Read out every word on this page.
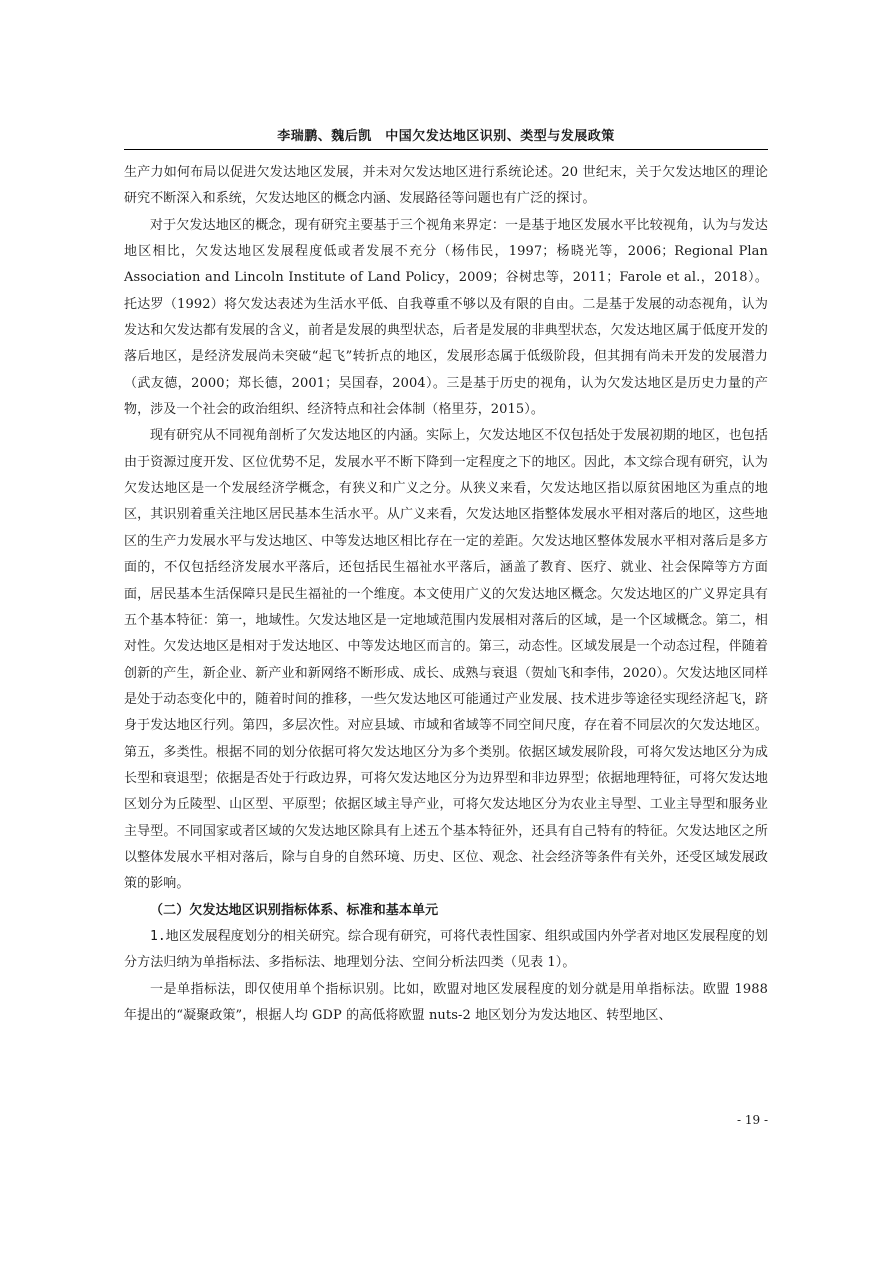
李瑞鹏、魏后凯　中国欠发达地区识别、类型与发展政策

生产力如何布局以促进欠发达地区发展，并未对欠发达地区进行系统论述。20 世纪末，关于欠发达地区的理论研究不断深入和系统，欠发达地区的概念内涵、发展路径等问题也有广泛的探讨。

对于欠发达地区的概念，现有研究主要基于三个视角来界定：一是基于地区发展水平比较视角，认为与发达地区相比，欠发达地区发展程度低或者发展不充分（杨伟民，1997；杨晓光等，2006；Regional Plan Association and Lincoln Institute of Land Policy，2009；谷树忠等，2011；Farole et al.，2018）。托达罗（1992）将欠发达表述为生活水平低、自我尊重不够以及有限的自由。二是基于发展的动态视角，认为发达和欠发达都有发展的含义，前者是发展的典型状态，后者是发展的非典型状态，欠发达地区属于低度开发的落后地区，是经济发展尚未突破“起飞”转折点的地区，发展形态属于低级阶段，但其拥有尚未开发的发展潜力（武友德，2000；郑长德，2001；吴国春，2004）。三是基于历史的视角，认为欠发达地区是历史力量的产物，涉及一个社会的政治组织、经济特点和社会体制（格里芬，2015）。

现有研究从不同视角剖析了欠发达地区的内涵。实际上，欠发达地区不仅包括处于发展初期的地区，也包括由于资源过度开发、区位优势不足，发展水平不断下降到一定程度之下的地区。因此，本文综合现有研究，认为欠发达地区是一个发展经济学概念，有狭义和广义之分。从狭义来看，欠发达地区指以原贫困地区为重点的地区，其识别着重关注地区居民基本生活水平。从广义来看，欠发达地区指整体发展水平相对落后的地区，这些地区的生产力发展水平与发达地区、中等发达地区相比存在一定的差距。欠发达地区整体发展水平相对落后是多方面的，不仅包括经济发展水平落后，还包括民生福祉水平落后，涵盖了教育、医疗、就业、社会保障等方方面面，居民基本生活保障只是民生福祉的一个维度。本文使用广义的欠发达地区概念。欠发达地区的广义界定具有五个基本特征：第一，地域性。欠发达地区是一定地域范围内发展相对落后的区域，是一个区域概念。第二，相对性。欠发达地区是相对于发达地区、中等发达地区而言的。第三，动态性。区域发展是一个动态过程，伴随着创新的产生，新企业、新产业和新网络不断形成、成长、成熟与衰退（贺灿飞和李伟，2020）。欠发达地区同样是处于动态变化中的，随着时间的推移，一些欠发达地区可能通过产业发展、技术进步等途径实现经济起飞，跻身于发达地区行列。第四，多层次性。对应县域、市域和省域等不同空间尺度，存在着不同层次的欠发达地区。第五，多类性。根据不同的划分依据可将欠发达地区分为多个类别。依据区域发展阶段，可将欠发达地区分为成长型和衰退型；依据是否处于行政边界，可将欠发达地区分为边界型和非边界型；依据地理特征，可将欠发达地区划分为丘陵型、山区型、平原型；依据区域主导产业，可将欠发达地区分为农业主导型、工业主导型和服务业主导型。不同国家或者区域的欠发达地区除具有上述五个基本特征外，还具有自己特有的特征。欠发达地区之所以整体发展水平相对落后，除与自身的自然环境、历史、区位、观念、社会经济等条件有关外，还受区域发展政策的影响。

（二）欠发达地区识别指标体系、标准和基本单元

1.地区发展程度划分的相关研究。综合现有研究，可将代表性国家、组织或国内外学者对地区发展程度的划分方法归纳为单指标法、多指标法、地理划分法、空间分析法四类（见表 1）。

一是单指标法，即仅使用单个指标识别。比如，欧盟对地区发展程度的划分就是用单指标法。欧盟 1988 年提出的“凝聚政策”，根据人均 GDP 的高低将欧盟 nuts-2 地区划分为发达地区、转型地区、

- 19 -
